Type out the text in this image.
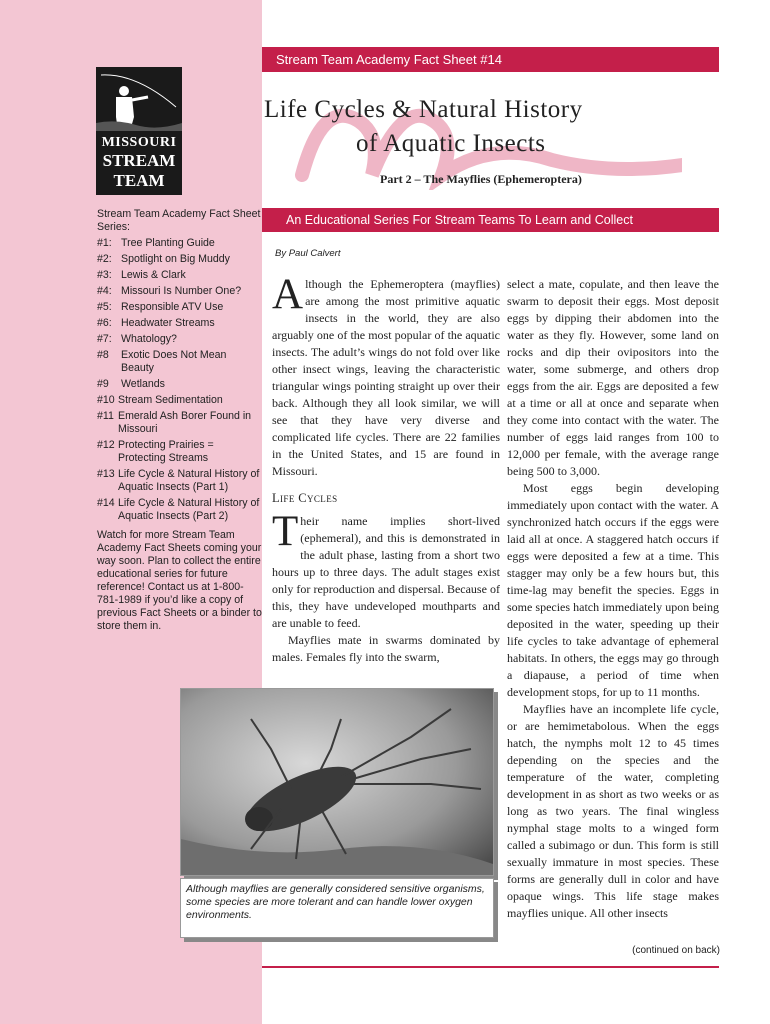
MISSOURI
STREAM
TEAM
Stream Team Academy Fact Sheet Series:
#1: Tree Planting Guide
#2: Spotlight on Big Muddy
#3: Lewis & Clark
#4: Missouri Is Number One?
#5: Responsible ATV Use
#6: Headwater Streams
#7: Whatology?
#8	Exotic Does Not Mean Beauty
#9	Wetlands
#10 Stream Sedimentation
#11 Emerald Ash Borer Found in Missouri
#12 Protecting Prairies = Protecting Streams
#13 Life Cycle & Natural History of Aquatic Insects (Part 1)
#14 Life Cycle & Natural History of Aquatic Insects (Part 2)
Watch for more Stream Team Academy Fact Sheets coming your way soon. Plan to collect the entire educational series for future reference! Contact us at 1-800-781-1989 if you’d like a copy of previous Fact Sheets or a binder to store them in.
Stream Team Academy Fact Sheet #14
Life Cycles & Natural History
of Aquatic Insects
Part 2 – The Mayflies (Ephemeroptera)
An Educational Series For Stream Teams To Learn and Collect
By Paul Calvert

Although the Ephemeroptera (mayflies) are among the most primitive aquatic insects in the world, they are also arguably one of the most popular of the aquatic insects. The adult’s wings do not fold over like other insect wings, leaving the characteristic triangular wings pointing straight up over their back. Although they all look similar, we will see that they have very diverse and complicated life cycles. There are 22 families in the United States, and 15 are found in Missouri.

Life Cycles

Their name implies short-lived (ephemeral), and this is demonstrated in the adult phase, lasting from a short two hours up to three days. The adult stages exist only for reproduction and dispersal. Because of this, they have undeveloped mouthparts and are unable to feed.

Mayflies mate in swarms dominated by males. Females fly into the swarm,

select a mate, copulate, and then leave the swarm to deposit their eggs. Most deposit eggs by dipping their abdomen into the water as they fly. However, some land on rocks and dip their ovipositors into the water, some submerge, and others drop eggs from the air. Eggs are deposited a few at a time or all at once and separate when they come into contact with the water. The number of eggs laid ranges from 100 to 12,000 per female, with the average range being 500 to 3,000.

Most eggs begin developing immediately upon contact with the water. A synchronized hatch occurs if the eggs were laid all at once. A staggered hatch occurs if eggs were deposited a few at a time. This stagger may only be a few hours but, this time-lag may benefit the species. Eggs in some species hatch immediately upon being deposited in the water, speeding up their life cycles to take advantage of ephemeral habitats. In others, the eggs may go through a diapause, a period of time when development stops, for up to 11 months.

Mayflies have an incomplete life cycle, or are hemimetabolous. When the eggs hatch, the nymphs molt 12 to 45 times depending on the species and the temperature of the water, completing development in as short as two weeks or as long as two years. The final wingless nymphal stage molts to a winged form called a subimago or dun. This form is still sexually immature in most species. These forms are generally dull in color and have opaque wings. This life stage makes mayflies unique. All other insects

Although mayflies are generally considered sensitive organisms, some species are more tolerant and can handle lower oxygen environments.
(continued on back)
